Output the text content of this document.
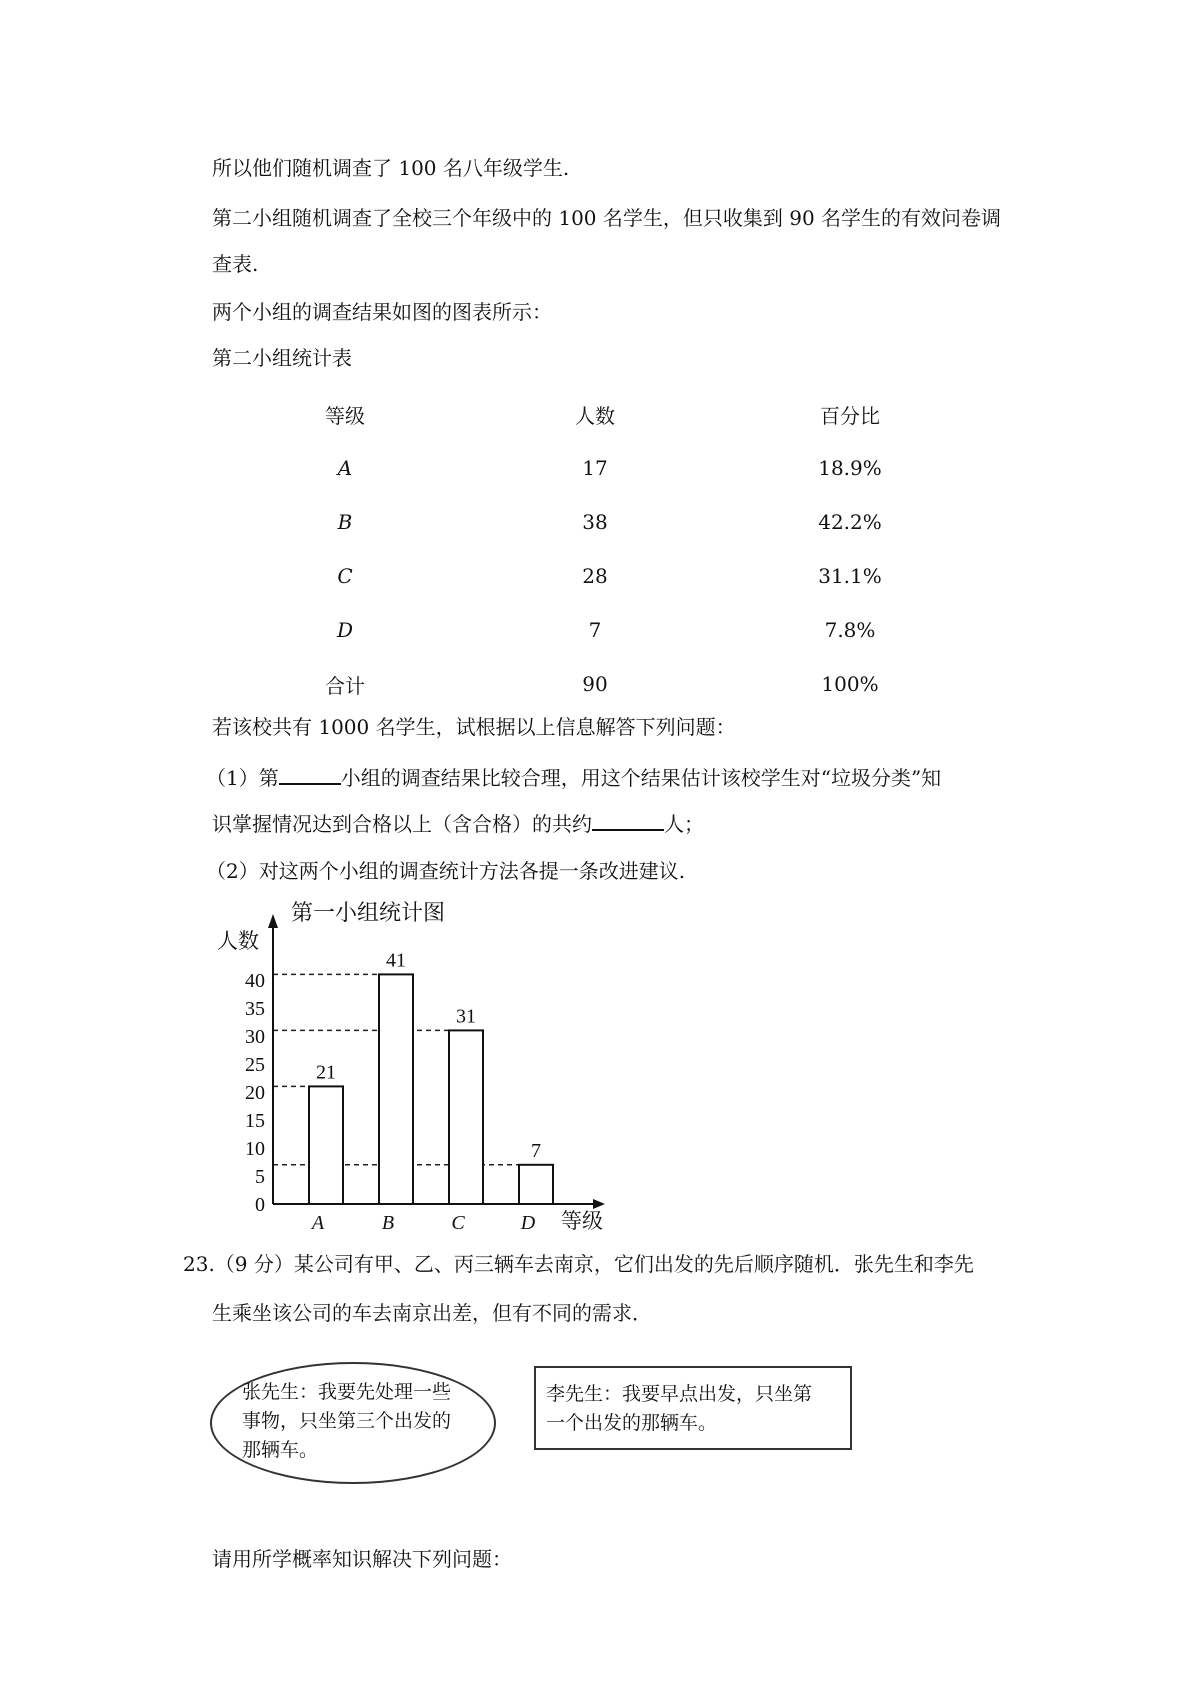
所以他们随机调查了 100 名八年级学生.
第二小组随机调查了全校三个年级中的 100 名学生，但只收集到 90 名学生的有效问卷调
查表.
两个小组的调查结果如图的图表所示：
第二小组统计表
等级	人数	百分比
A	17	18.9%
B	38	42.2%
C	28	31.1%
D	7	7.8%
合计	90	100%
若该校共有 1000 名学生，试根据以上信息解答下列问题：
（1）第	小组的调查结果比较合理，用这个结果估计该校学生对“垃圾分类”知
识掌握情况达到合格以上（含合格）的共约	人；
（2）对这两个小组的调查统计方法各提一条改进建议.
第一小组统计图
人数
等级
0
5
10
15
20
25
30
35
40
21
A
41
B
31
C
7
D
23.（9 分）某公司有甲、乙、丙三辆车去南京，它们出发的先后顺序随机．张先生和李先
生乘坐该公司的车去南京出差，但有不同的需求．
张先生：我要先处理一些
事物，只坐第三个出发的
那辆车。
李先生：我要早点出发，只坐第
一个出发的那辆车。
请用所学概率知识解决下列问题：
